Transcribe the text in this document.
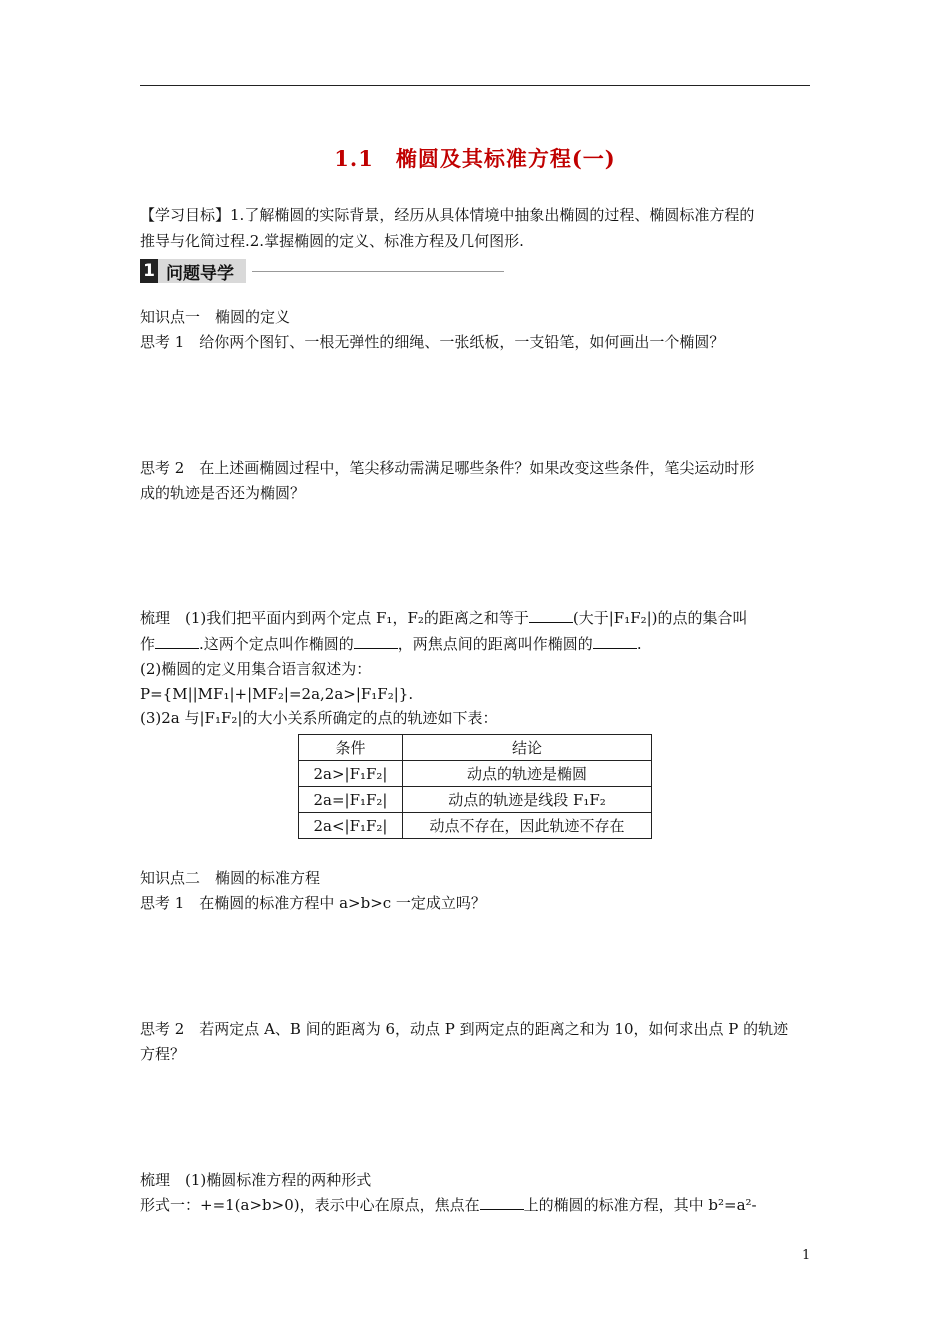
1.1 椭圆及其标准方程(一)
【学习目标】1.了解椭圆的实际背景，经历从具体情境中抽象出椭圆的过程、椭圆标准方程的
推导与化简过程.2.掌握椭圆的定义、标准方程及几何图形.
1 问题导学
知识点一　椭圆的定义
思考 1　给你两个图钉、一根无弹性的细绳、一张纸板，一支铅笔，如何画出一个椭圆？
思考 2　在上述画椭圆过程中，笔尖移动需满足哪些条件？如果改变这些条件，笔尖运动时形
成的轨迹是否还为椭圆？
梳理　(1)我们把平面内到两个定点 F₁，F₂的距离之和等于	(大于|F₁F₂|)的点的集合叫
作	.这两个定点叫作椭圆的	，两焦点间的距离叫作椭圆的	.
(2)椭圆的定义用集合语言叙述为：
P={M||MF₁|+|MF₂|=2a,2a>|F₁F₂|}.
(3)2a 与|F₁F₂|的大小关系所确定的点的轨迹如下表：
条件	结论
2a>|F₁F₂|	动点的轨迹是椭圆
2a=|F₁F₂|	动点的轨迹是线段 F₁F₂
2a<|F₁F₂|	动点不存在，因此轨迹不存在
知识点二　椭圆的标准方程
思考 1　在椭圆的标准方程中 a>b>c 一定成立吗？
思考 2　若两定点 A、B 间的距离为 6，动点 P 到两定点的距离之和为 10，如何求出点 P 的轨迹
方程？
梳理　(1)椭圆标准方程的两种形式
形式一：+=1(a>b>0)，表示中心在原点，焦点在	上的椭圆的标准方程，其中 b²=a²-
1
